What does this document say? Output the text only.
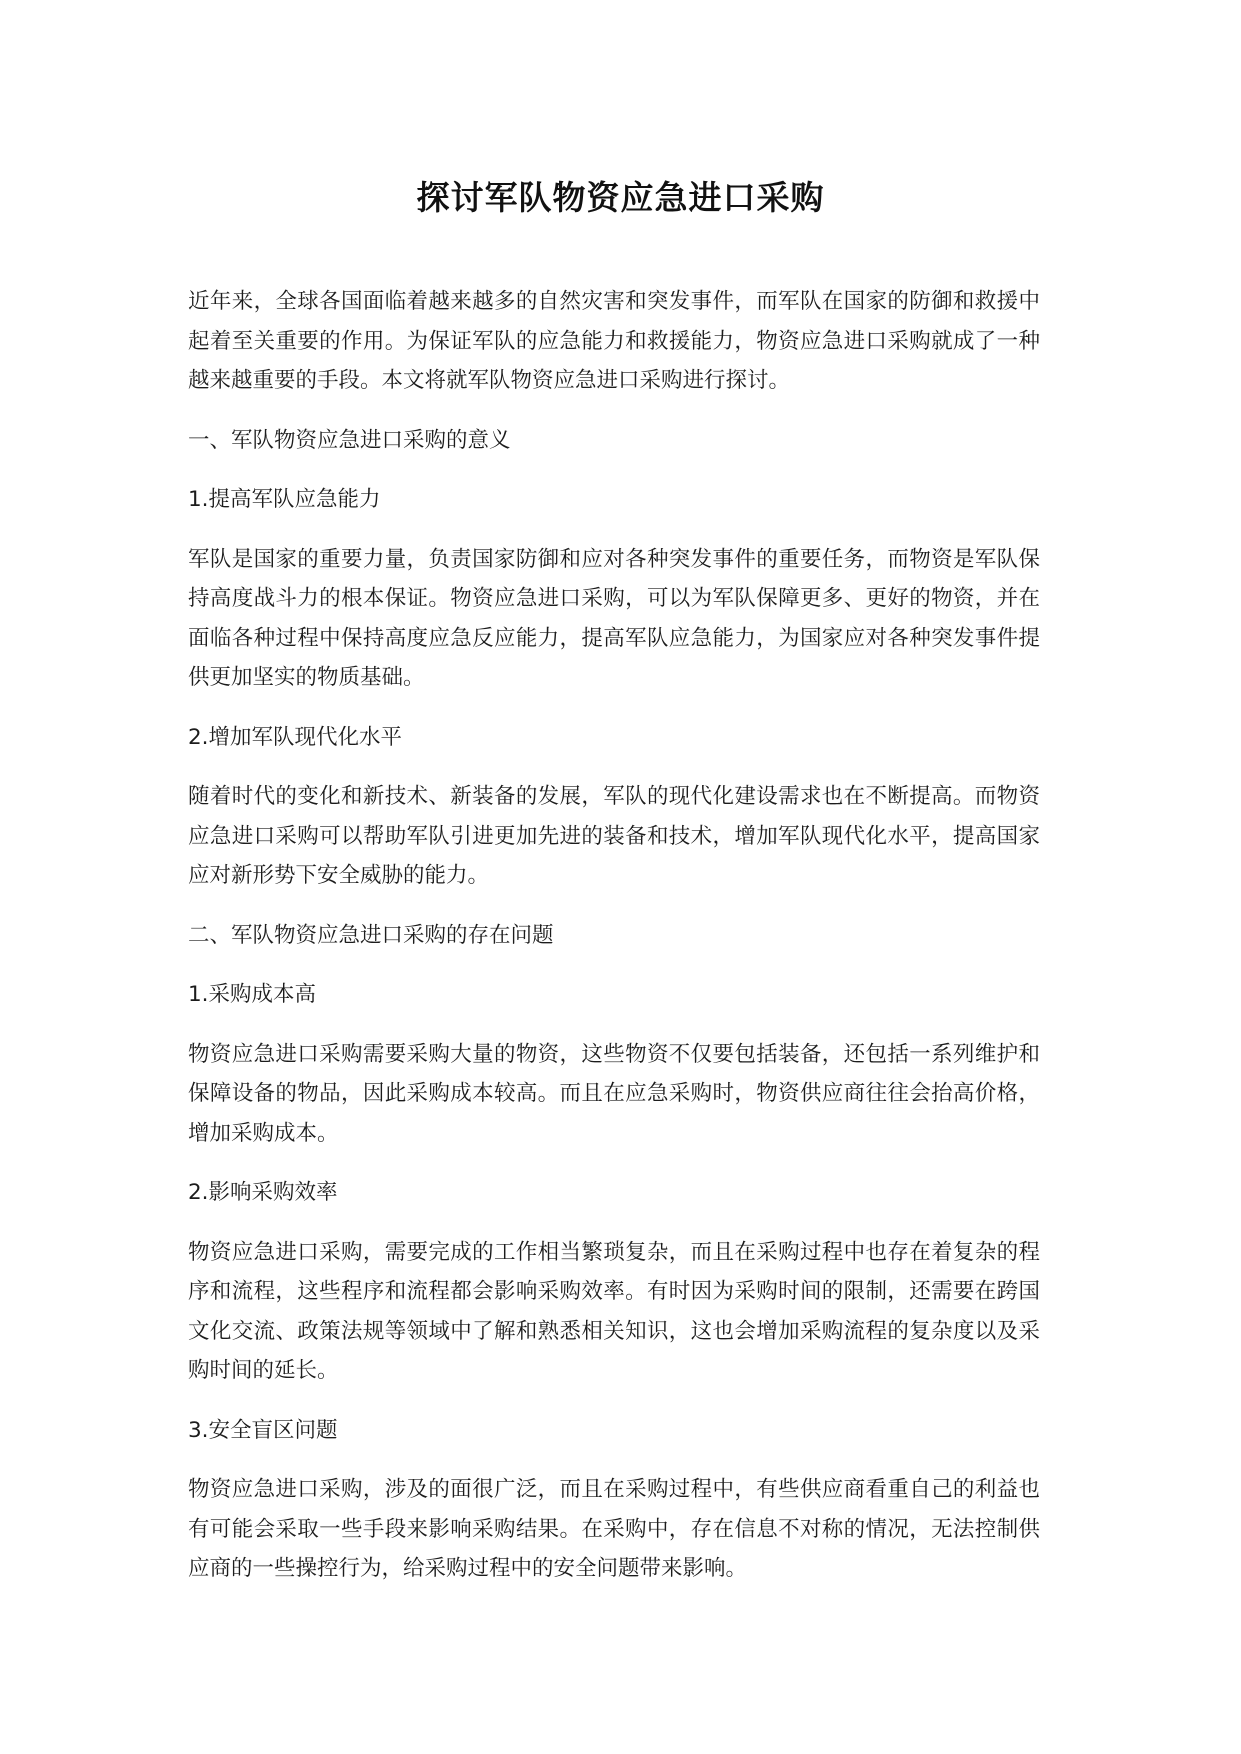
探讨军队物资应急进口采购

近年来，全球各国面临着越来越多的自然灾害和突发事件，而军队在国家的防御和救援中起着至关重要的作用。为保证军队的应急能力和救援能力，物资应急进口采购就成了一种越来越重要的手段。本文将就军队物资应急进口采购进行探讨。

一、军队物资应急进口采购的意义

1.提高军队应急能力

军队是国家的重要力量，负责国家防御和应对各种突发事件的重要任务，而物资是军队保持高度战斗力的根本保证。物资应急进口采购，可以为军队保障更多、更好的物资，并在面临各种过程中保持高度应急反应能力，提高军队应急能力，为国家应对各种突发事件提供更加坚实的物质基础。

2.增加军队现代化水平

随着时代的变化和新技术、新装备的发展，军队的现代化建设需求也在不断提高。而物资应急进口采购可以帮助军队引进更加先进的装备和技术，增加军队现代化水平，提高国家应对新形势下安全威胁的能力。

二、军队物资应急进口采购的存在问题

1.采购成本高

物资应急进口采购需要采购大量的物资，这些物资不仅要包括装备，还包括一系列维护和保障设备的物品，因此采购成本较高。而且在应急采购时，物资供应商往往会抬高价格，增加采购成本。

2.影响采购效率

物资应急进口采购，需要完成的工作相当繁琐复杂，而且在采购过程中也存在着复杂的程序和流程，这些程序和流程都会影响采购效率。有时因为采购时间的限制，还需要在跨国文化交流、政策法规等领域中了解和熟悉相关知识，这也会增加采购流程的复杂度以及采购时间的延长。

3.安全盲区问题

物资应急进口采购，涉及的面很广泛，而且在采购过程中，有些供应商看重自己的利益也有可能会采取一些手段来影响采购结果。在采购中，存在信息不对称的情况，无法控制供应商的一些操控行为，给采购过程中的安全问题带来影响。
